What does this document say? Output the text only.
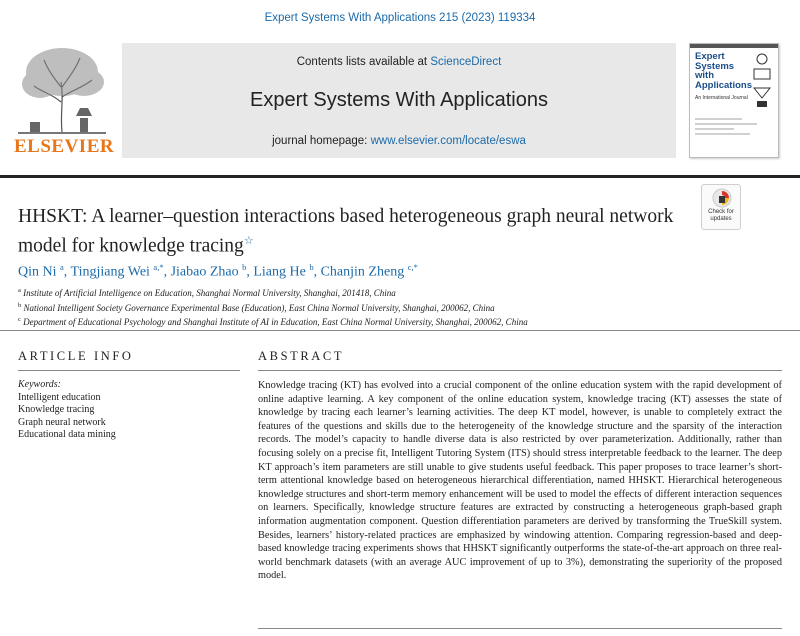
Expert Systems With Applications 215 (2023) 119334
ELSEVIER
Contents lists available at ScienceDirect
Expert Systems With Applications
journal homepage: www.elsevier.com/locate/eswa
Expert Systems with Applications
An International Journal
Check for updates
HHSKT: A learner–question interactions based heterogeneous graph neural network model for knowledge tracing☆
Qin Ni $^a$, Tingjiang Wei $^{a,*}$, Jiabao Zhao $^b$, Liang He $^b$, Chanjin Zheng $^{c,*}$
$^a$ Institute of Artificial Intelligence on Education, Shanghai Normal University, Shanghai, 201418, China
$^b$ National Intelligent Society Governance Experimental Base (Education), East China Normal University, Shanghai, 200062, China
$^c$ Department of Educational Psychology and Shanghai Institute of AI in Education, East China Normal University, Shanghai, 200062, China
ARTICLE INFO	ABSTRACT
Keywords:
Intelligent education
Knowledge tracing
Graph neural network
Educational data mining
Knowledge tracing (KT) has evolved into a crucial component of the online education system with the rapid development of online adaptive learning. A key component of the online education system, knowledge tracing (KT) assesses the state of knowledge by tracing each learner’s learning activities. The deep KT model, however, is unable to completely extract the features of the questions and skills due to the heterogeneity of the knowledge structure and the sparsity of the interaction records. The model’s capacity to handle diverse data is also restricted by over parameterization. Additionally, rather than focusing solely on a precise fit, Intelligent Tutoring System (ITS) should stress interpretable feedback to the learner. The deep KT approach’s item parameters are still unable to give students useful feedback. This paper proposes to trace learner’s short-term attentional knowledge based on heterogeneous hierarchical differentiation, named HHSKT. Hierarchical heterogeneous knowledge structures and short-term memory enhancement will be used to model the effects of different interaction sequences on learners. Specifically, knowledge structure features are extracted by constructing a heterogeneous graph-based graph information augmentation component. Question differentiation parameters are derived by transforming the TrueSkill system. Besides, learners’ history-related practices are emphasized by windowing attention. Comparing regression-based and deep-based knowledge tracing experiments shows that HHSKT significantly outperforms the state-of-the-art approach on three real-world benchmark datasets (with an average AUC improvement of up to 3%), demonstrating the superiority of the proposed model.
